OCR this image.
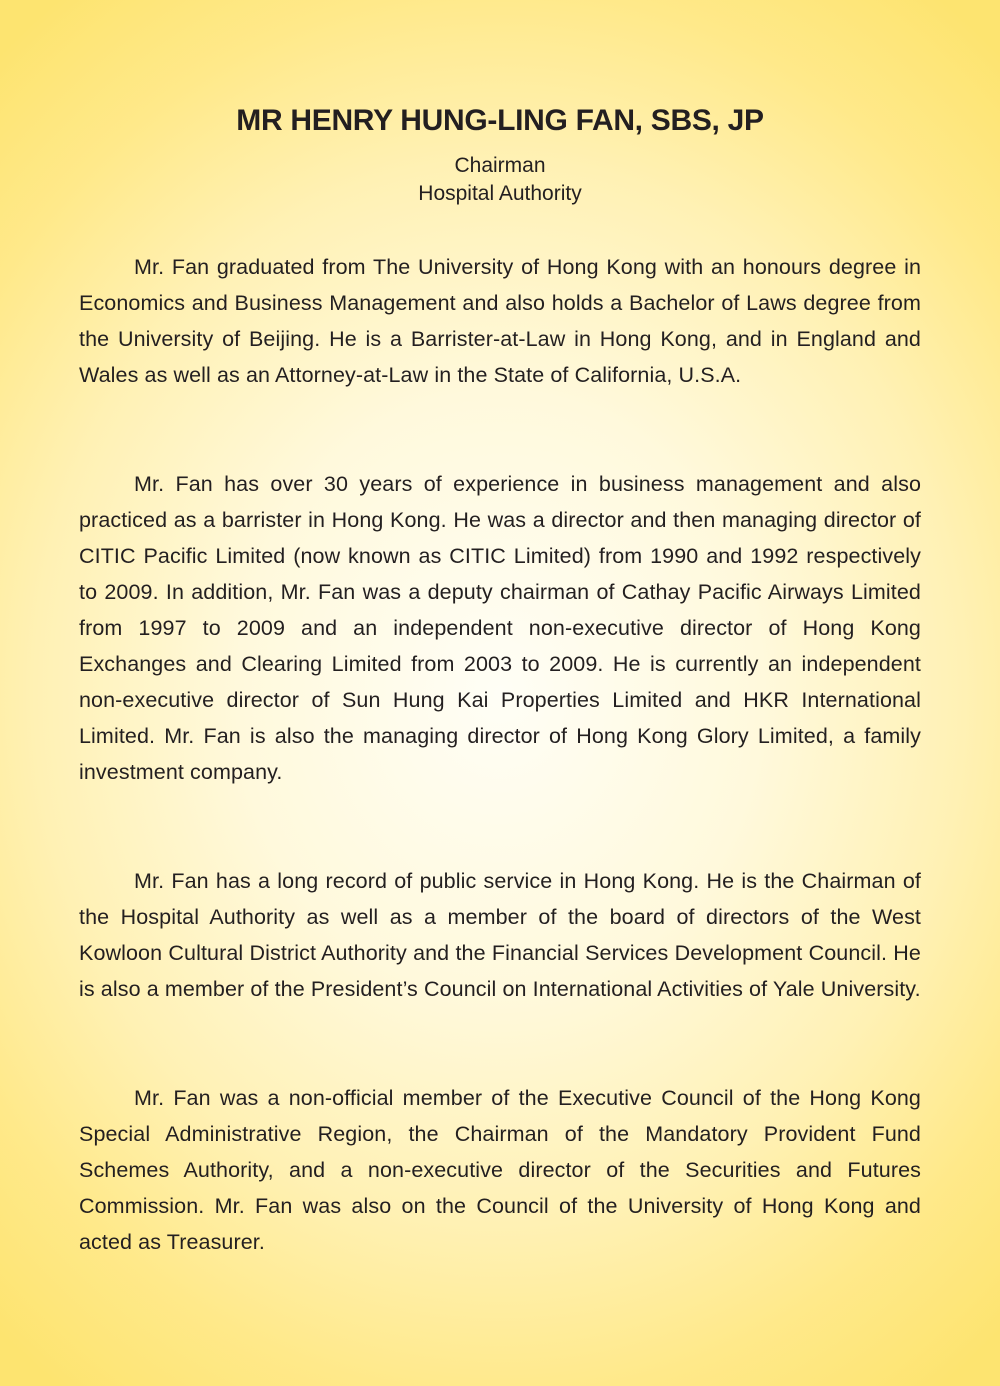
MR HENRY HUNG-LING FAN, SBS, JP

Chairman

Hospital Authority

Mr. Fan graduated from The University of Hong Kong with an honours degree in Economics and Business Management and also holds a Bachelor of Laws degree from the University of Beijing. He is a Barrister-at-Law in Hong Kong, and in England and Wales as well as an Attorney-at-Law in the State of California, U.S.A.

Mr. Fan has over 30 years of experience in business management and also practiced as a barrister in Hong Kong. He was a director and then managing director of CITIC Pacific Limited (now known as CITIC Limited) from 1990 and 1992 respectively to 2009. In addition, Mr. Fan was a deputy chairman of Cathay Pacific Airways Limited from 1997 to 2009 and an independent non-executive director of Hong Kong Exchanges and Clearing Limited from 2003 to 2009. He is currently an independent non-executive director of Sun Hung Kai Properties Limited and HKR International Limited. Mr. Fan is also the managing director of Hong Kong Glory Limited, a family investment company.

Mr. Fan has a long record of public service in Hong Kong. He is the Chairman of the Hospital Authority as well as a member of the board of directors of the West Kowloon Cultural District Authority and the Financial Services Development Council. He is also a member of the President’s Council on International Activities of Yale University.

Mr. Fan was a non-official member of the Executive Council of the Hong Kong Special Administrative Region, the Chairman of the Mandatory Provident Fund Schemes Authority, and a non-executive director of the Securities and Futures Commission. Mr. Fan was also on the Council of the University of Hong Kong and acted as Treasurer.
